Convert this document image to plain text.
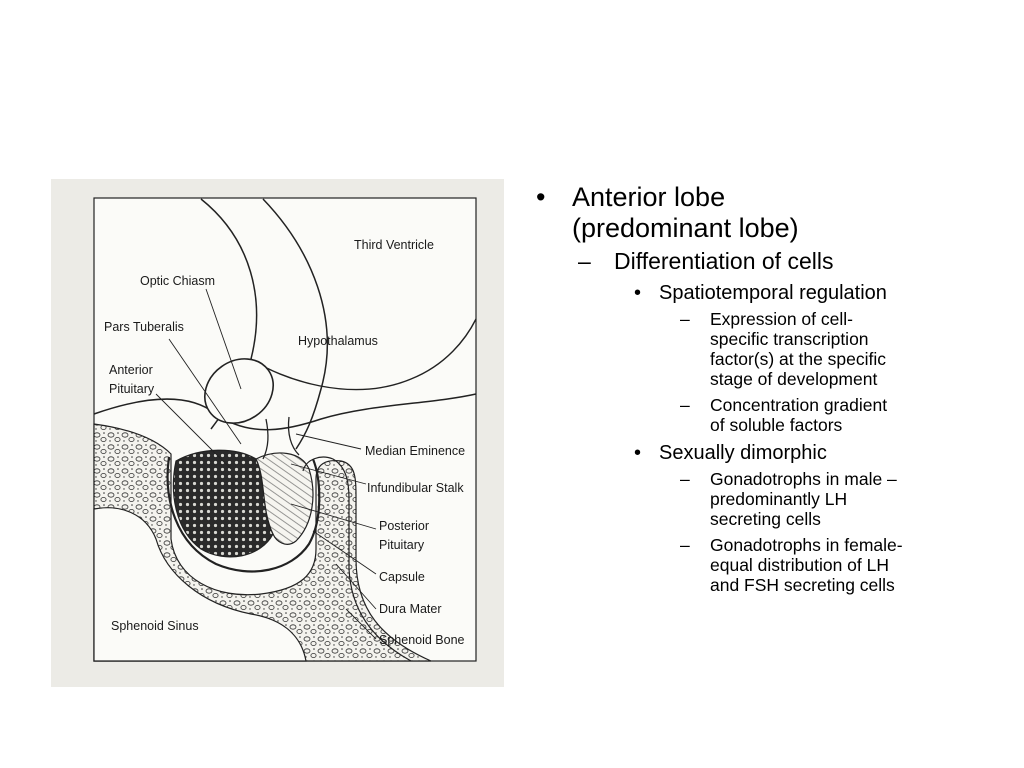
Third Ventricle
Optic Chiasm
Pars Tuberalis
Hypothalamus
Anterior
Pituitary
Median Eminence
Infundibular Stalk
Posterior
Pituitary
Capsule
Dura Mater
Sphenoid Sinus
Sphenoid Bone
• Anterior lobe
(predominant lobe)
– Differentiation of cells
• Spatiotemporal regulation
– Expression of cell-
specific transcription
factor(s) at the specific
stage of development
– Concentration gradient
of soluble factors
• Sexually dimorphic
– Gonadotrophs in male –
predominantly LH
secreting cells
– Gonadotrophs in female-
equal distribution of LH
and FSH secreting cells
